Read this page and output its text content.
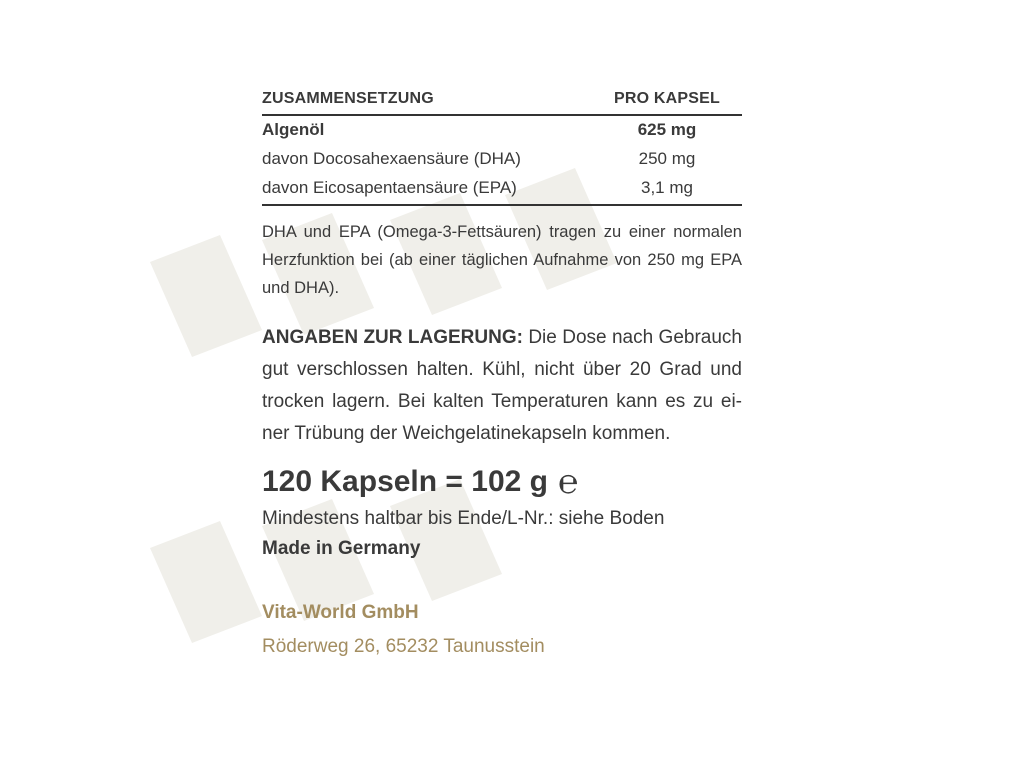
ZUSAMMENSETZUNG	PRO KAPSEL
Algenöl	625 mg
davon Docosahexaensäure (DHA)	250 mg
davon Eicosapentaensäure (EPA)	3,1 mg

DHA und EPA (Omega-3-Fettsäuren) tragen zu einer normalen Herzfunktion bei (ab einer täglichen Aufnahme von 250 mg EPA und DHA).

ANGABEN ZUR LAGERUNG: Die Dose nach Gebrauch gut verschlossen halten. Kühl, nicht über 20 Grad und trocken lagern. Bei kalten Temperaturen kann es zu einer Trübung der Weichgelatinekapseln kommen.

120 Kapseln = 102 g ℮
Mindestens haltbar bis Ende/L-Nr.: siehe Boden
Made in Germany
Vita-World GmbH
Röderweg 26, 65232 Taunusstein
